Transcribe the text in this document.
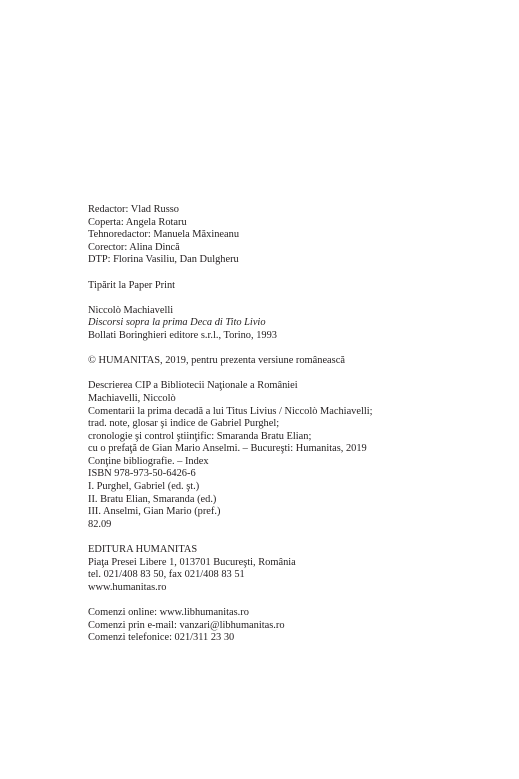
Redactor: Vlad Russo
Coperta: Angela Rotaru
Tehnoredactor: Manuela Măxineanu
Corector: Alina Dincă
DTP: Florina Vasiliu, Dan Dulgheru
Tipărit la Paper Print
Niccolò Machiavelli
Discorsi sopra la prima Deca di Tito Livio
Bollati Boringhieri editore s.r.l., Torino, 1993
© HUMANITAS, 2019, pentru prezenta versiune românească
Descrierea CIP a Bibliotecii Naţionale a României
Machiavelli, Niccolò
Comentarii la prima decadă a lui Titus Livius / Niccolò Machiavelli;
trad. note, glosar şi indice de Gabriel Purghel;
cronologie şi control ştiinţific: Smaranda Bratu Elian;
cu o prefaţă de Gian Mario Anselmi. – Bucureşti: Humanitas, 2019
Conţine bibliografie. – Index
ISBN 978-973-50-6426-6
I. Purghel, Gabriel (ed. şt.)
II. Bratu Elian, Smaranda (ed.)
III. Anselmi, Gian Mario (pref.)
82.09
EDITURA HUMANITAS
Piaţa Presei Libere 1, 013701 Bucureşti, România
tel. 021/408 83 50, fax 021/408 83 51
www.humanitas.ro
Comenzi online: www.libhumanitas.ro
Comenzi prin e-mail: vanzari@libhumanitas.ro
Comenzi telefonice: 021/311 23 30
